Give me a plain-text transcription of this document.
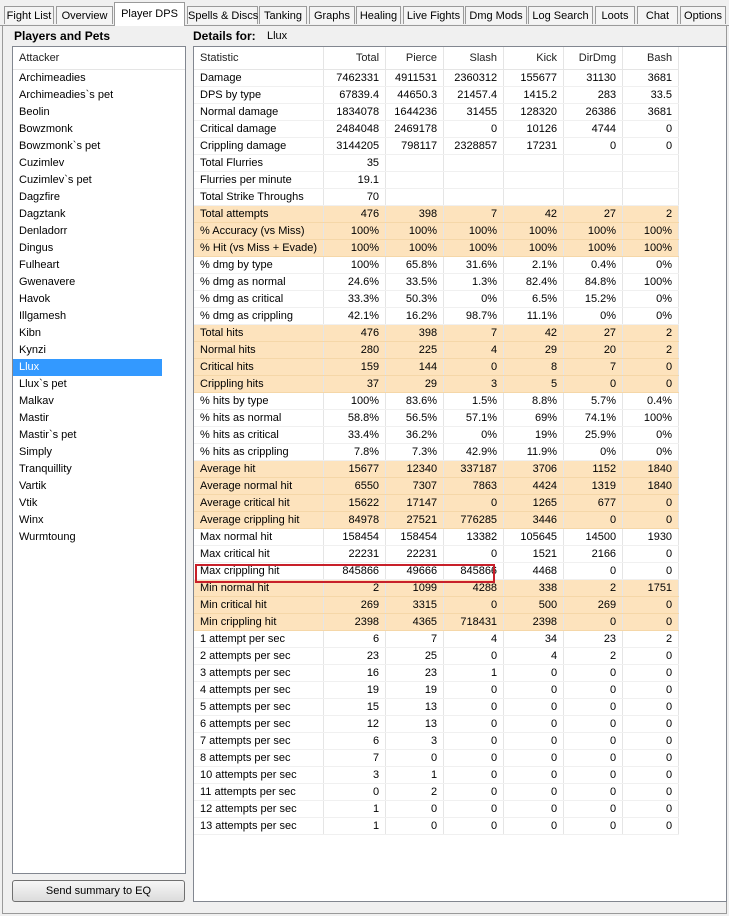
Fight List Overview	Player DPS Spells & Discs Tanking	Graphs Healing Live Fights Dmg Mods Log Search	Loots	Chat	Options
Players and Pets
Attacker
Archimeadies
Archimeadies`s pet
Beolin
Bowzmonk
Bowzmonk`s pet
Cuzimlev
Cuzimlev`s pet
Dagzfire
Dagztank
Denladorr
Dingus
Fulheart
Gwenavere
Havok
Illgamesh
Kibn
Kynzi
Llux
Llux`s pet
Malkav
Mastir
Mastir`s pet
Simply
Tranquillity
Vartik
Vtik
Winx
Wurmtoung
Send summary to EQ
Details for: Llux
Statistic	Total	Pierce	Slash	Kick	DirDmg	Bash
Damage	7462331	4911531	2360312	155677	31130	3681
DPS by type	67839.4	44650.3	21457.4	1415.2	283	33.5
Normal damage	1834078	1644236	31455	128320	26386	3681
Critical damage	2484048	2469178	0	10126	4744	0
Crippling damage	3144205	798117	2328857	17231	0	0
Total Flurries	35					
Flurries per minute	19.1					
Total Strike Throughs	70					
Total attempts	476	398	7	42	27	2
% Accuracy (vs Miss)	100%	100%	100%	100%	100%	100%
% Hit (vs Miss + Evade)	100%	100%	100%	100%	100%	100%
% dmg by type	100%	65.8%	31.6%	2.1%	0.4%	0%
% dmg as normal	24.6%	33.5%	1.3%	82.4%	84.8%	100%
% dmg as critical	33.3%	50.3%	0%	6.5%	15.2%	0%
% dmg as crippling	42.1%	16.2%	98.7%	11.1%	0%	0%
Total hits	476	398	7	42	27	2
Normal hits	280	225	4	29	20	2
Critical hits	159	144	0	8	7	0
Crippling hits	37	29	3	5	0	0
% hits by type	100%	83.6%	1.5%	8.8%	5.7%	0.4%
% hits as normal	58.8%	56.5%	57.1%	69%	74.1%	100%
% hits as critical	33.4%	36.2%	0%	19%	25.9%	0%
% hits as crippling	7.8%	7.3%	42.9%	11.9%	0%	0%
Average hit	15677	12340	337187	3706	1152	1840
Average normal hit	6550	7307	7863	4424	1319	1840
Average critical hit	15622	17147	0	1265	677	0
Average crippling hit	84978	27521	776285	3446	0	0
Max normal hit	158454	158454	13382	105645	14500	1930
Max critical hit	22231	22231	0	1521	2166	0
Max crippling hit	845866	49666	845866	4468	0	0
Min normal hit	2	1099	4288	338	2	1751
Min critical hit	269	3315	0	500	269	0
Min crippling hit	2398	4365	718431	2398	0	0
1 attempt per sec	6	7	4	34	23	2
2 attempts per sec	23	25	0	4	2	0
3 attempts per sec	16	23	1	0	0	0
4 attempts per sec	19	19	0	0	0	0
5 attempts per sec	15	13	0	0	0	0
6 attempts per sec	12	13	0	0	0	0
7 attempts per sec	6	3	0	0	0	0
8 attempts per sec	7	0	0	0	0	0
10 attempts per sec	3	1	0	0	0	0
11 attempts per sec	0	2	0	0	0	0
12 attempts per sec	1	0	0	0	0	0
13 attempts per sec	1	0	0	0	0	0
